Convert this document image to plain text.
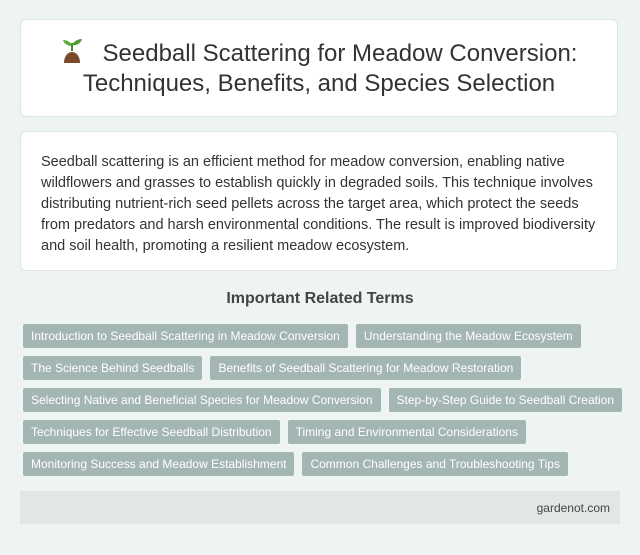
Seedball Scattering for Meadow Conversion: Techniques, Benefits, and Species Selection

Seedball scattering is an efficient method for meadow conversion, enabling native wildflowers and grasses to establish quickly in degraded soils. This technique involves distributing nutrient-rich seed pellets across the target area, which protect the seeds from predators and harsh environmental conditions. The result is improved biodiversity and soil health, promoting a resilient meadow ecosystem.

Important Related Terms
Introduction to Seedball Scattering in Meadow Conversion	Understanding the Meadow Ecosystem
The Science Behind Seedballs	Benefits of Seedball Scattering for Meadow Restoration
Selecting Native and Beneficial Species for Meadow Conversion	Step-by-Step Guide to Seedball Creation
Techniques for Effective Seedball Distribution	Timing and Environmental Considerations
Monitoring Success and Meadow Establishment	Common Challenges and Troubleshooting Tips
gardenot.com
